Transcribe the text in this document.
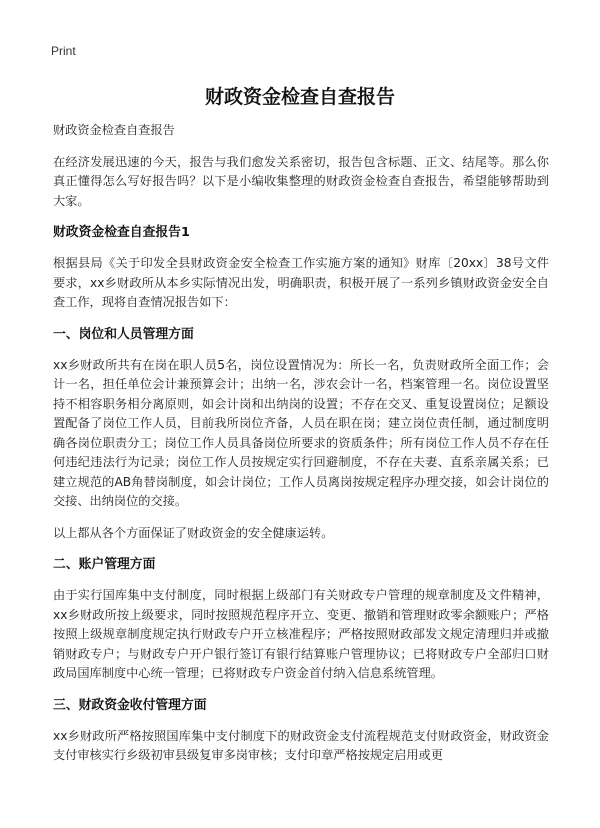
Print
财政资金检查自查报告

财政资金检查自查报告

在经济发展迅速的今天，报告与我们愈发关系密切，报告包含标题、正文、结尾等。那么你真正懂得怎么写好报告吗？以下是小编收集整理的财政资金检查自查报告，希望能够帮助到大家。

财政资金检查自查报告1

根据县局《关于印发全县财政资金安全检查工作实施方案的通知》财库〔20xx〕38号文件要求，xx乡财政所从本乡实际情况出发，明确职责，积极开展了一系列乡镇财政资金安全自查工作，现将自查情况报告如下：

一、岗位和人员管理方面

xx乡财政所共有在岗在职人员5名，岗位设置情况为：所长一名，负责财政所全面工作；会计一名，担任单位会计兼预算会计；出纳一名，涉农会计一名，档案管理一名。岗位设置坚持不相容职务相分离原则，如会计岗和出纳岗的设置；不存在交叉、重复设置岗位；足额设置配备了岗位工作人员，目前我所岗位齐备，人员在职在岗；建立岗位责任制，通过制度明确各岗位职责分工；岗位工作人员具备岗位所要求的资质条件；所有岗位工作人员不存在任何违纪违法行为记录；岗位工作人员按规定实行回避制度，不存在夫妻、直系亲属关系；已建立规范的AB角替岗制度，如会计岗位；工作人员离岗按规定程序办理交接，如会计岗位的交接、出纳岗位的交接。

以上都从各个方面保证了财政资金的安全健康运转。

二、账户管理方面

由于实行国库集中支付制度，同时根据上级部门有关财政专户管理的规章制度及文件精神，xx乡财政所按上级要求，同时按照规范程序开立、变更、撤销和管理财政零余额账户；严格按照上级规章制度规定执行财政专户开立核准程序；严格按照财政部发文规定清理归并或撤销财政专户；与财政专户开户银行签订有银行结算账户管理协议；已将财政专户全部归口财政局国库制度中心统一管理；已将财政专户资金首付纳入信息系统管理。

三、财政资金收付管理方面

xx乡财政所严格按照国库集中支付制度下的财政资金支付流程规范支付财政资金，财政资金支付审核实行乡级初审县级复审多岗审核；支付印章严格按规定启用或更
